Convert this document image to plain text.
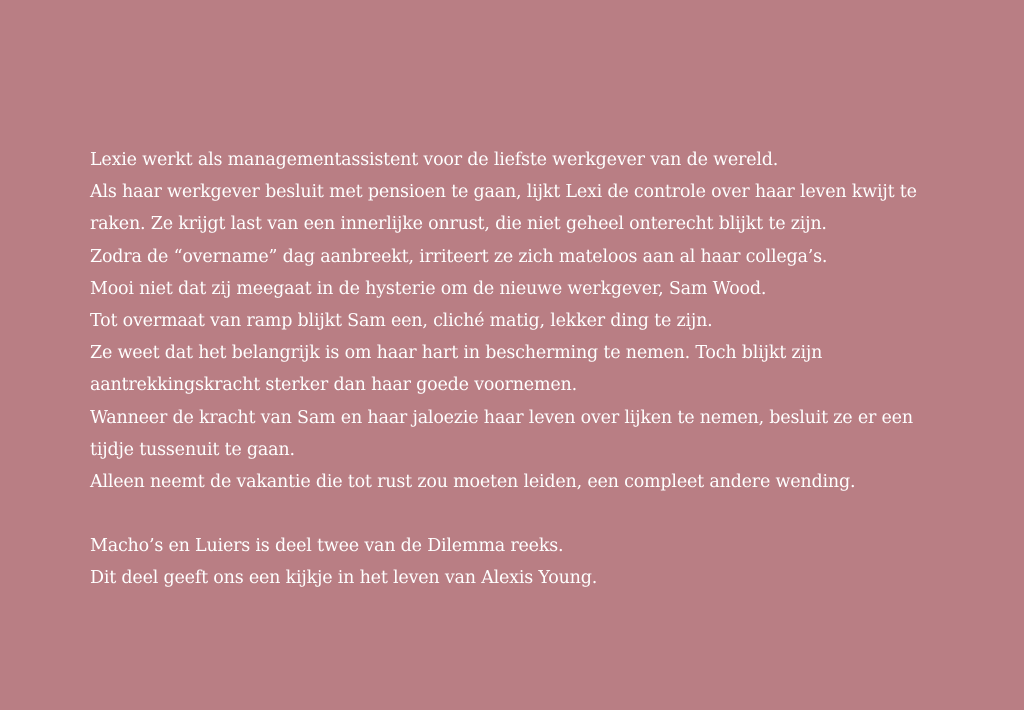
Lexie werkt als managementassistent voor de liefste werkgever van de wereld.

Als haar werkgever besluit met pensioen te gaan, lijkt Lexi de controle over haar leven kwijt te raken. Ze krijgt last van een innerlijke onrust, die niet geheel onterecht blijkt te zijn.

Zodra de “overname” dag aanbreekt, irriteert ze zich mateloos aan al haar collega’s.

Mooi niet dat zij meegaat in de hysterie om de nieuwe werkgever, Sam Wood.

Tot overmaat van ramp blijkt Sam een, cliché matig, lekker ding te zijn.

Ze weet dat het belangrijk is om haar hart in bescherming te nemen. Toch blijkt zijn aantrekkingskracht sterker dan haar goede voornemen.

Wanneer de kracht van Sam en haar jaloezie haar leven over lijken te nemen, besluit ze er een tijdje tussenuit te gaan.

Alleen neemt de vakantie die tot rust zou moeten leiden, een compleet andere wending.

Macho’s en Luiers is deel twee van de Dilemma reeks.

Dit deel geeft ons een kijkje in het leven van Alexis Young.
